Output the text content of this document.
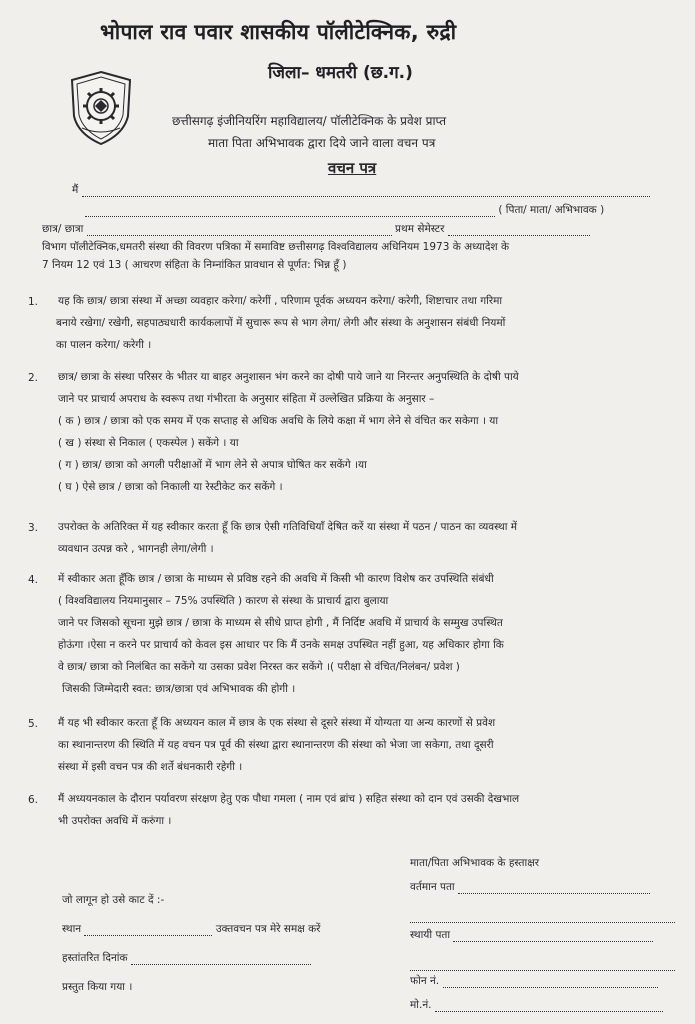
भोपाल राव पवार शासकीय पॉलीटेक्निक, रुद्री
जिला– धमतरी (छ.ग.)
छत्तीसगढ़ इंजीनियरिंग महाविद्यालय/ पॉलीटेक्निक के प्रवेश प्राप्त
माता पिता अभिभावक द्वारा दिये जाने वाला वचन पत्र
वचन पत्र
मैं
( पिता/ माता/ अभिभावक )
छात्र/ छात्रा	प्रथम सेमेस्टर
विभाग पॉलीटेक्निक,धमतरी संस्था की विवरण पत्रिका में समाविष्ट छत्तीसगढ़ विश्वविद्यालय अधिनियम 1973 के अध्यादेश के
7 नियम 12 एवं 13 ( आचरण संहिता के निम्नांकित प्रावधान से पूर्णत: भिन्न हूँ )
1. यह कि छात्र/ छात्रा संस्था में अच्छा व्यवहार करेगा/ करेगीं , परिणाम पूर्वक अध्ययन करेगा/ करेगी, शिष्टाचार तथा गरिमा
बनाये रखेगा/ रखेगी, सहपाठ्यधारी कार्यकलापों में सुचारू रूप से भाग लेगा/ लेगी और संस्था के अनुशासन संबंधी नियमों
का पालन करेगा/ करेगी ।
2. छात्र/ छात्रा के संस्था परिसर के भीतर या बाहर अनुशासन भंग करने का दोषी पाये जाने या निरन्तर अनुपस्थिति के दोषी पाये
जाने पर प्राचार्य अपराध के स्वरूप तथा गंभीरता के अनुसार संहिता में उल्लेखित प्रक्रिया के अनुसार –
( क ) छात्र / छात्रा को एक समय में एक सप्ताह से अधिक अवधि के लिये कक्षा में भाग लेने से वंचित कर सकेगा । या
( ख ) संस्था से निकाल ( एकस्पेल ) सकेंगे । या
( ग ) छात्र/ छात्रा को अगली परीक्षाओं में भाग लेने से अपात्र घोषित कर सकेंगे ।या
( घ ) ऐसे छात्र / छात्रा को निकाली या रेस्टीकेट कर सकेंगे ।
3. उपरोक्त के अतिरिक्त में यह स्वीकार करता हूँ कि छात्र ऐसी गतिविधियाँ देषित करें या संस्था में पठन / पाठन का व्यवस्था में
व्यवधान उत्पन्न करे , भागनही लेगा/लेगी ।
4. में स्वीकार अता हूँकि छात्र / छात्रा के माध्यम से प्रविष्ठ रहने की अवधि में किसी भी कारण विशेष कर उपस्थिति संबंधी
( विश्वविद्यालय नियमानुसार – 75% उपस्थिति ) कारण से संस्था के प्राचार्य द्वारा बुलाया
जाने पर जिसको सूचना मुझे छात्र / छात्रा के माध्यम से सीधे प्राप्त होगी , मैं निर्दिष्ट अवधि में प्राचार्य के सम्मुख उपस्थित
होऊंगा ।ऐसा न करने पर प्राचार्य को केवल इस आधार पर कि मैं उनके समक्ष उपस्थित नहीं हुआ, यह अधिकार होगा कि
वे छात्र/ छात्रा को निलंबित का सकेंगे या उसका प्रवेश निरस्त कर सकेंगे ।( परीक्षा से वंचित/निलंबन/ प्रवेश )
जिसकी जिम्मेदारी स्वत: छात्र/छात्रा एवं अभिभावक की होगी ।
5. मैं यह भी स्वीकार करता हूँ कि अध्ययन काल में छात्र के एक संस्था से दूसरे संस्था में योग्यता या अन्य कारणों से प्रवेश
का स्थानान्तरण की स्थिति में यह वचन पत्र पूर्व की संस्था द्वारा स्थानान्तरण की संस्था को भेजा जा सकेगा, तथा दूसरी
संस्था में इसी वचन पत्र की शर्ते बंधनकारी रहेगी ।
6. मैं अध्ययनकाल के दौरान पर्यावरण संरक्षण हेतु एक पौधा गमला ( नाम एवं ब्रांच ) सहित संस्था को दान एवं उसकी देखभाल
भी उपरोक्त अवधि में करुंगा ।
माता/पिता अभिभावक के हस्ताक्षर
वर्तमान पता
स्थायी पता
फोन नं.
मो.नं.
जो लागून हो उसे काट दें :-
स्थान	उक्तवचन पत्र मेरे समक्ष करें
हस्तांतरित दिनांक
प्रस्तुत किया गया ।
